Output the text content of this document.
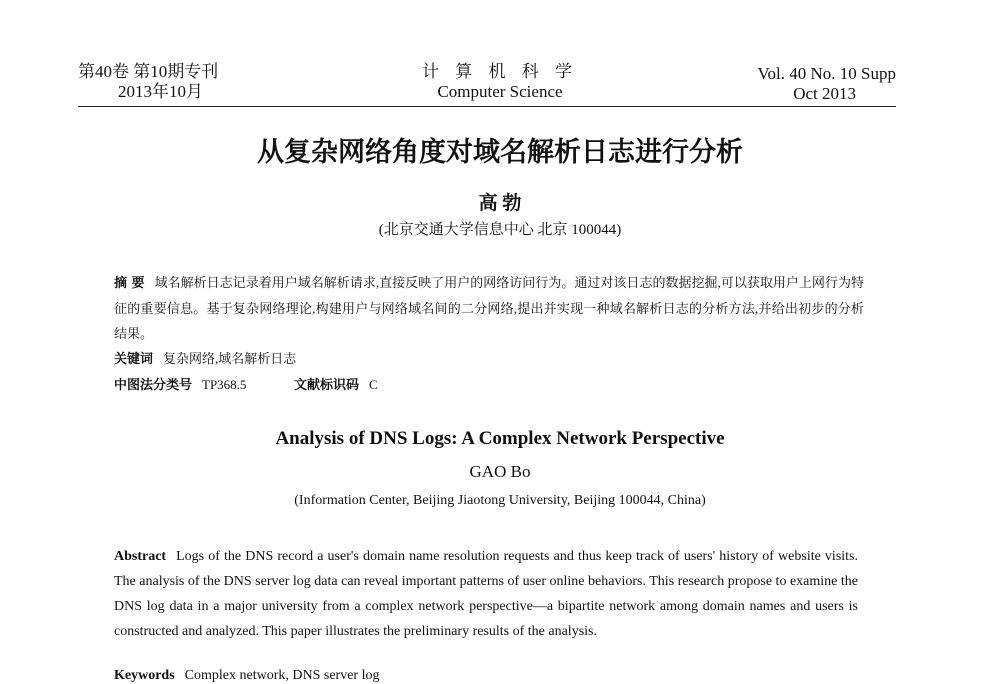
第40卷 第10期专刊
2013年10月
计 算 机 科 学
Computer Science
Vol. 40 No. 10 Supp
Oct 2013
从复杂网络角度对域名解析日志进行分析
高 勃
(北京交通大学信息中心 北京 100044)
摘 要 域名解析日志记录着用户域名解析请求,直接反映了用户的网络访问行为。通过对该日志的数据挖掘,可以获取用户上网行为特征的重要信息。基于复杂网络理论,构建用户与网络域名间的二分网络,提出并实现一种域名解析日志的分析方法,并给出初步的分析结果。
关键词 复杂网络,域名解析日志
中图法分类号 TP368.5	文献标识码 C
Analysis of DNS Logs: A Complex Network Perspective
GAO Bo
(Information Center, Beijing Jiaotong University, Beijing 100044, China)
Abstract Logs of the DNS record a user's domain name resolution requests and thus keep track of users' history of website visits. The analysis of the DNS server log data can reveal important patterns of user online behaviors. This research propose to examine the DNS log data in a major university from a complex network perspective—a bipartite network among domain names and users is constructed and analyzed. This paper illustrates the preliminary results of the analysis.
Keywords Complex network, DNS server log
